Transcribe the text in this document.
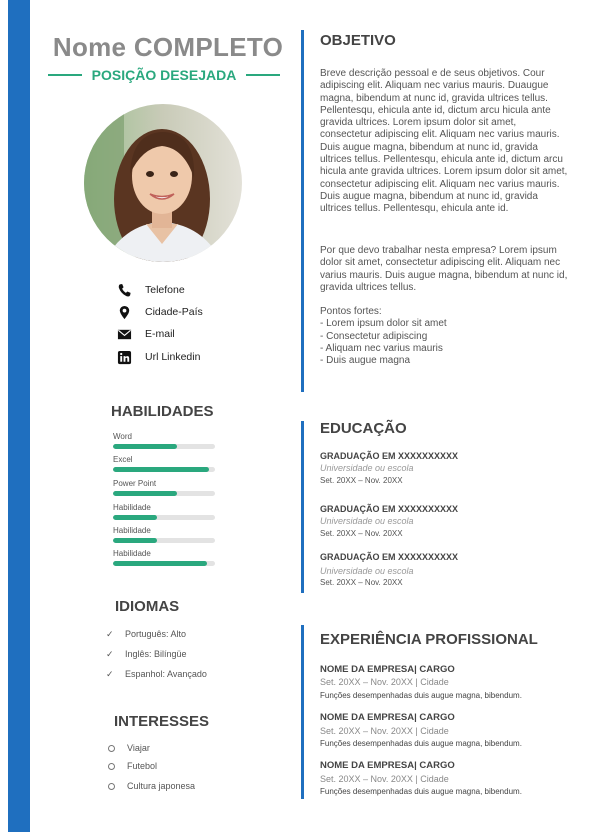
Nome COMPLETO
POSIÇÃO DESEJADA
Telefone
Cidade-País
E-mail
Url Linkedin
HABILIDADES
Word
Excel
Power Point
Habilidade
Habilidade
Habilidade
IDIOMAS
✓	Português: Alto
✓	Inglês: Bilíngüe
✓	Espanhol: Avançado
INTERESSES
Viajar
Futebol
Cultura japonesa
OBJETIVO
Breve descrição pessoal e de seus objetivos. Cour adipiscing elit. Aliquam nec varius mauris. Duaugue magna, bibendum at nunc id, gravida ultrices tellus. Pellentesqu, ehicula ante id, dictum arcu hicula ante gravida ultrices. Lorem ipsum dolor sit amet, consectetur adipiscing elit. Aliquam nec varius mauris. Duis augue magna, bibendum at nunc id, gravida ultrices tellus. Pellentesqu, ehicula ante id, dictum arcu hicula ante gravida ultrices. Lorem ipsum dolor sit amet, consectetur adipiscing elit. Aliquam nec varius mauris. Duis augue magna, bibendum at nunc id, gravida ultrices tellus. Pellentesqu, ehicula ante id.
Por que devo trabalhar nesta empresa? Lorem ipsum dolor sit amet, consectetur adipiscing elit. Aliquam nec varius mauris. Duis augue magna, bibendum at nunc id, gravida ultrices tellus.
Pontos fortes:
- Lorem ipsum dolor sit amet
- Consectetur adipiscing
- Aliquam nec varius mauris
- Duis augue magna
EDUCAÇÃO
GRADUAÇÃO EM XXXXXXXXXX
Universidade ou escola
Set. 20XX – Nov. 20XX
GRADUAÇÃO EM XXXXXXXXXX
Universidade ou escola
Set. 20XX – Nov. 20XX
GRADUAÇÃO EM XXXXXXXXXX
Universidade ou escola
Set. 20XX – Nov. 20XX
EXPERIÊNCIA PROFISSIONAL
NOME DA EMPRESA| CARGO
Set. 20XX – Nov. 20XX | Cidade
Funções desempenhadas duis augue magna, bibendum.
NOME DA EMPRESA| CARGO
Set. 20XX – Nov. 20XX | Cidade
Funções desempenhadas duis augue magna, bibendum.
NOME DA EMPRESA| CARGO
Set. 20XX – Nov. 20XX | Cidade
Funções desempenhadas duis augue magna, bibendum.
